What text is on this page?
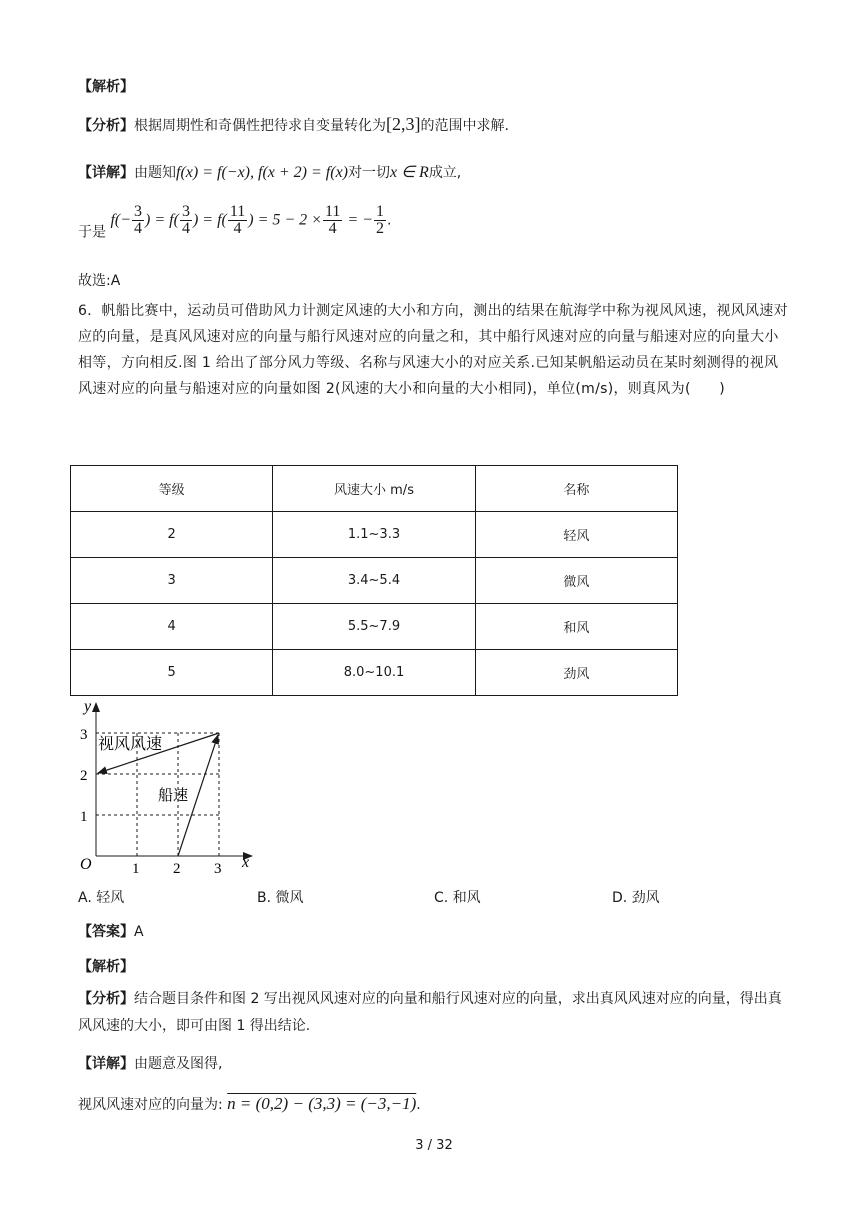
【解析】
【分析】根据周期性和奇偶性把待求自变量转化为[2,3]的范围中求解.
【详解】由题知f(x) = f(−x), f(x + 2) = f(x)对一切x ∈ R成立,
于是 $f(- \frac{3}{4}$ ) = $f( \frac{3}{4}$ ) = $f( \frac{11}{4}$ ) = $5 - 2 \times \frac{11}{4}$ = − $\frac{1}{2}$ .
故选:A
6．帆船比赛中，运动员可借助风力计测定风速的大小和方向，测出的结果在航海学中称为视风风速，视风风速对应的向量，是真风风速对应的向量与船行风速对应的向量之和，其中船行风速对应的向量与船速对应的向量大小相等，方向相反.图 1 给出了部分风力等级、名称与风速大小的对应关系.已知某帆船运动员在某时刻测得的视风风速对应的向量与船速对应的向量如图 2(风速的大小和向量的大小相同)，单位(m/s)，则真风为(　　)
等级	风速大小 m/s	名称
2	1.1~3.3	轻风
3	3.4~5.4	微风
4	5.5~7.9	和风
5	8.0~10.1	劲风
y
x
O	1 2 3
1
2
3 视风风速
船速
A. 轻风	B. 微风	C. 和风	D. 劲风
【答案】A
【解析】
【分析】结合题目条件和图 2 写出视风风速对应的向量和船行风速对应的向量，求出真风风速对应的向量，得出真风风速的大小，即可由图 1 得出结论.
【详解】由题意及图得,
视风风速对应的向量为: n = (0,2) − (3,3) = (−3,−1).
3 / 32
